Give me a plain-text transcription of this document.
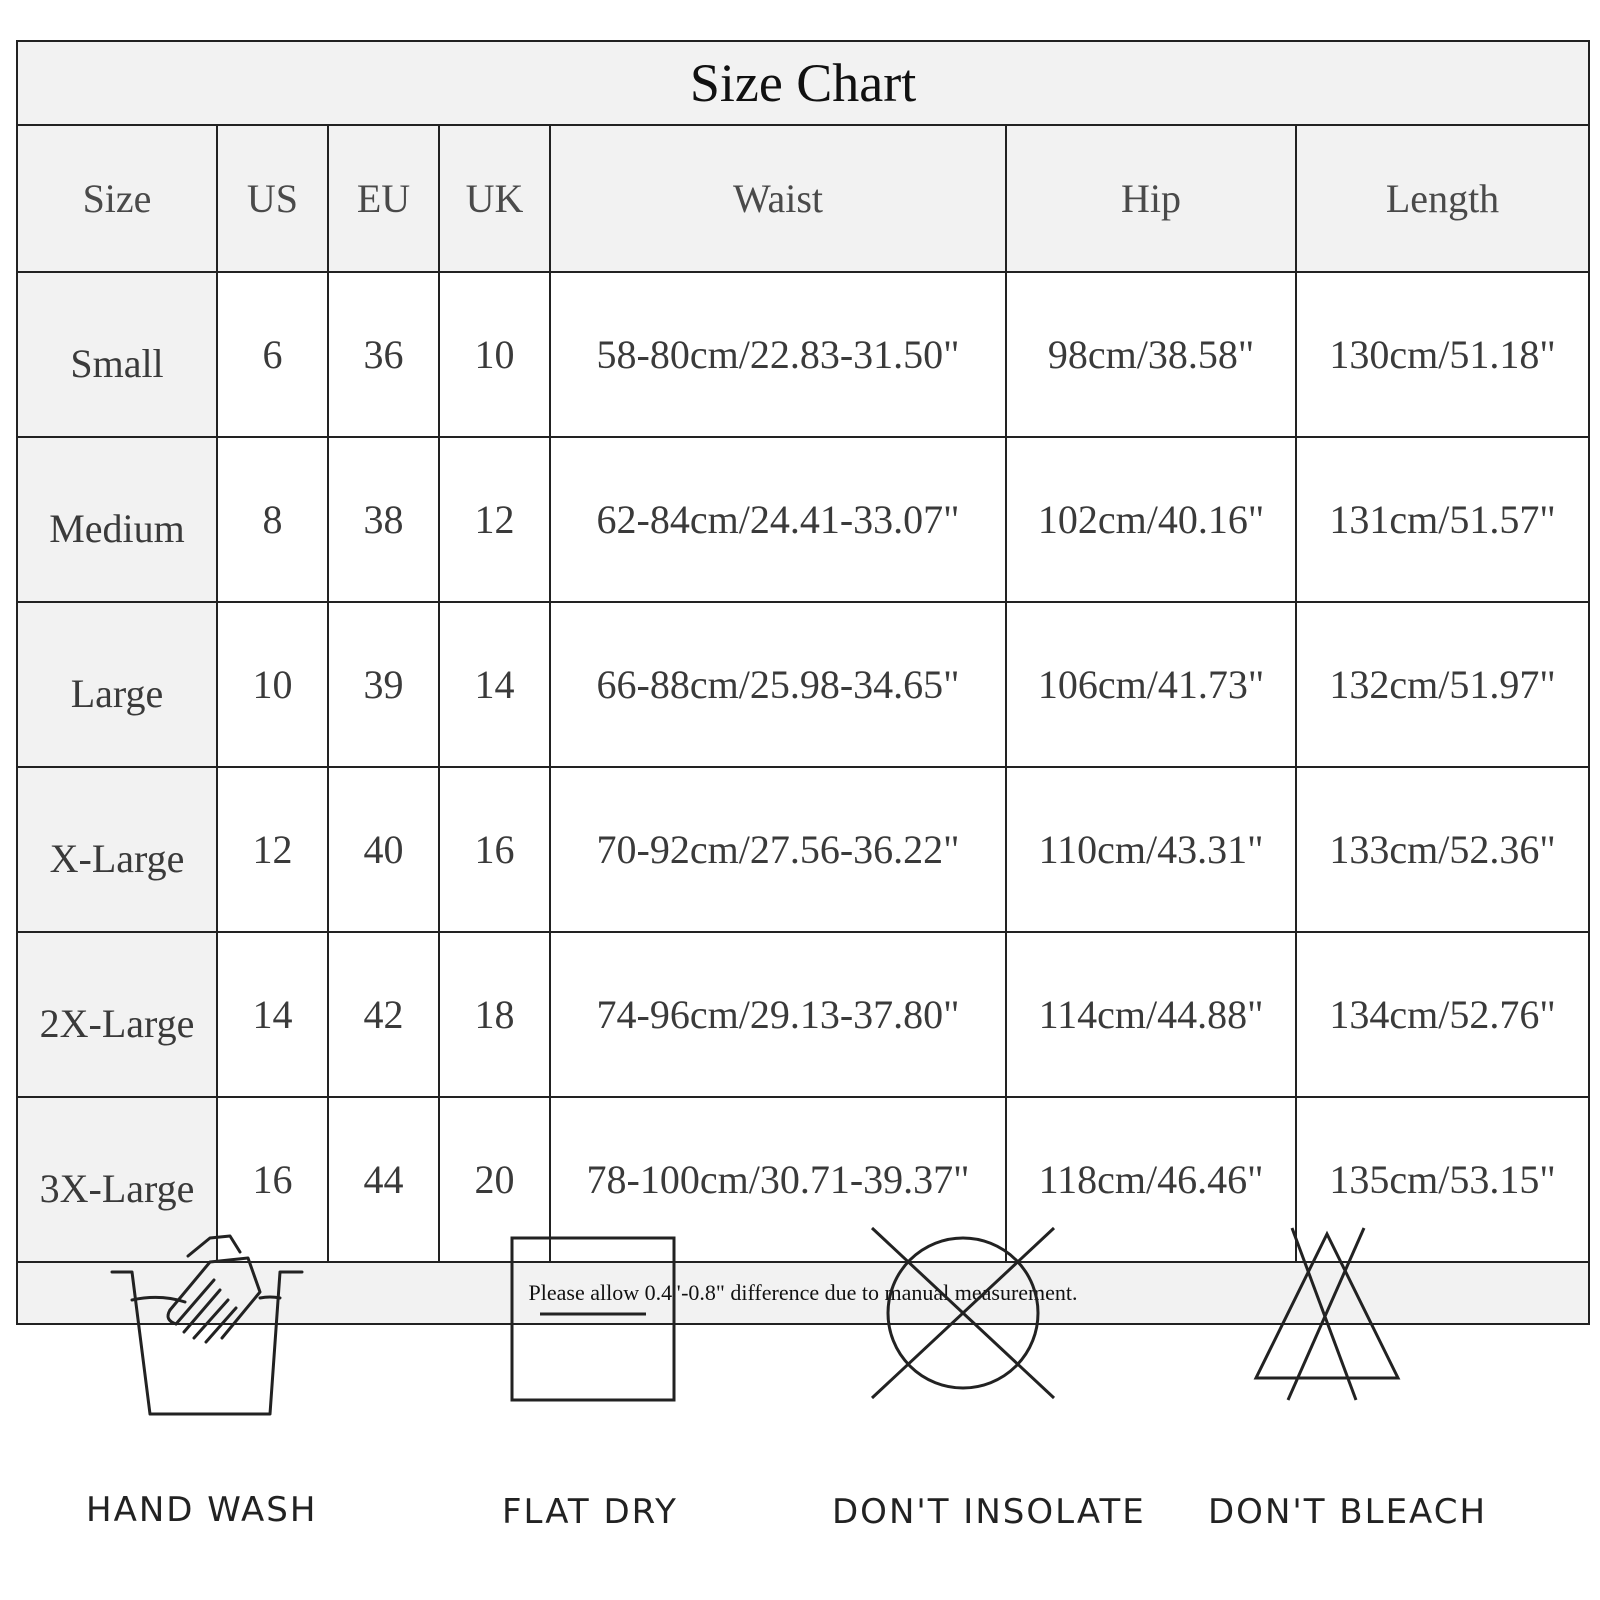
Size Chart						
Size	US	EU	UK	Waist	Hip	Length
Small	6	36	10	58-80cm/22.83-31.50"	98cm/38.58"	130cm/51.18"
Medium	8	38	12	62-84cm/24.41-33.07"	102cm/40.16"	131cm/51.57"
Large	10	39	14	66-88cm/25.98-34.65"	106cm/41.73"	132cm/51.97"
X-Large	12	40	16	70-92cm/27.56-36.22"	110cm/43.31"	133cm/52.36"
2X-Large	14	42	18	74-96cm/29.13-37.80"	114cm/44.88"	134cm/52.76"
3X-Large	16	44	20	78-100cm/30.71-39.37"	118cm/46.46"	135cm/53.15"
Please allow 0.4"-0.8" difference due to manual measurement.						
HAND WASH	FLAT DRY	DON'T INSOLATE DON'T BLEACH
